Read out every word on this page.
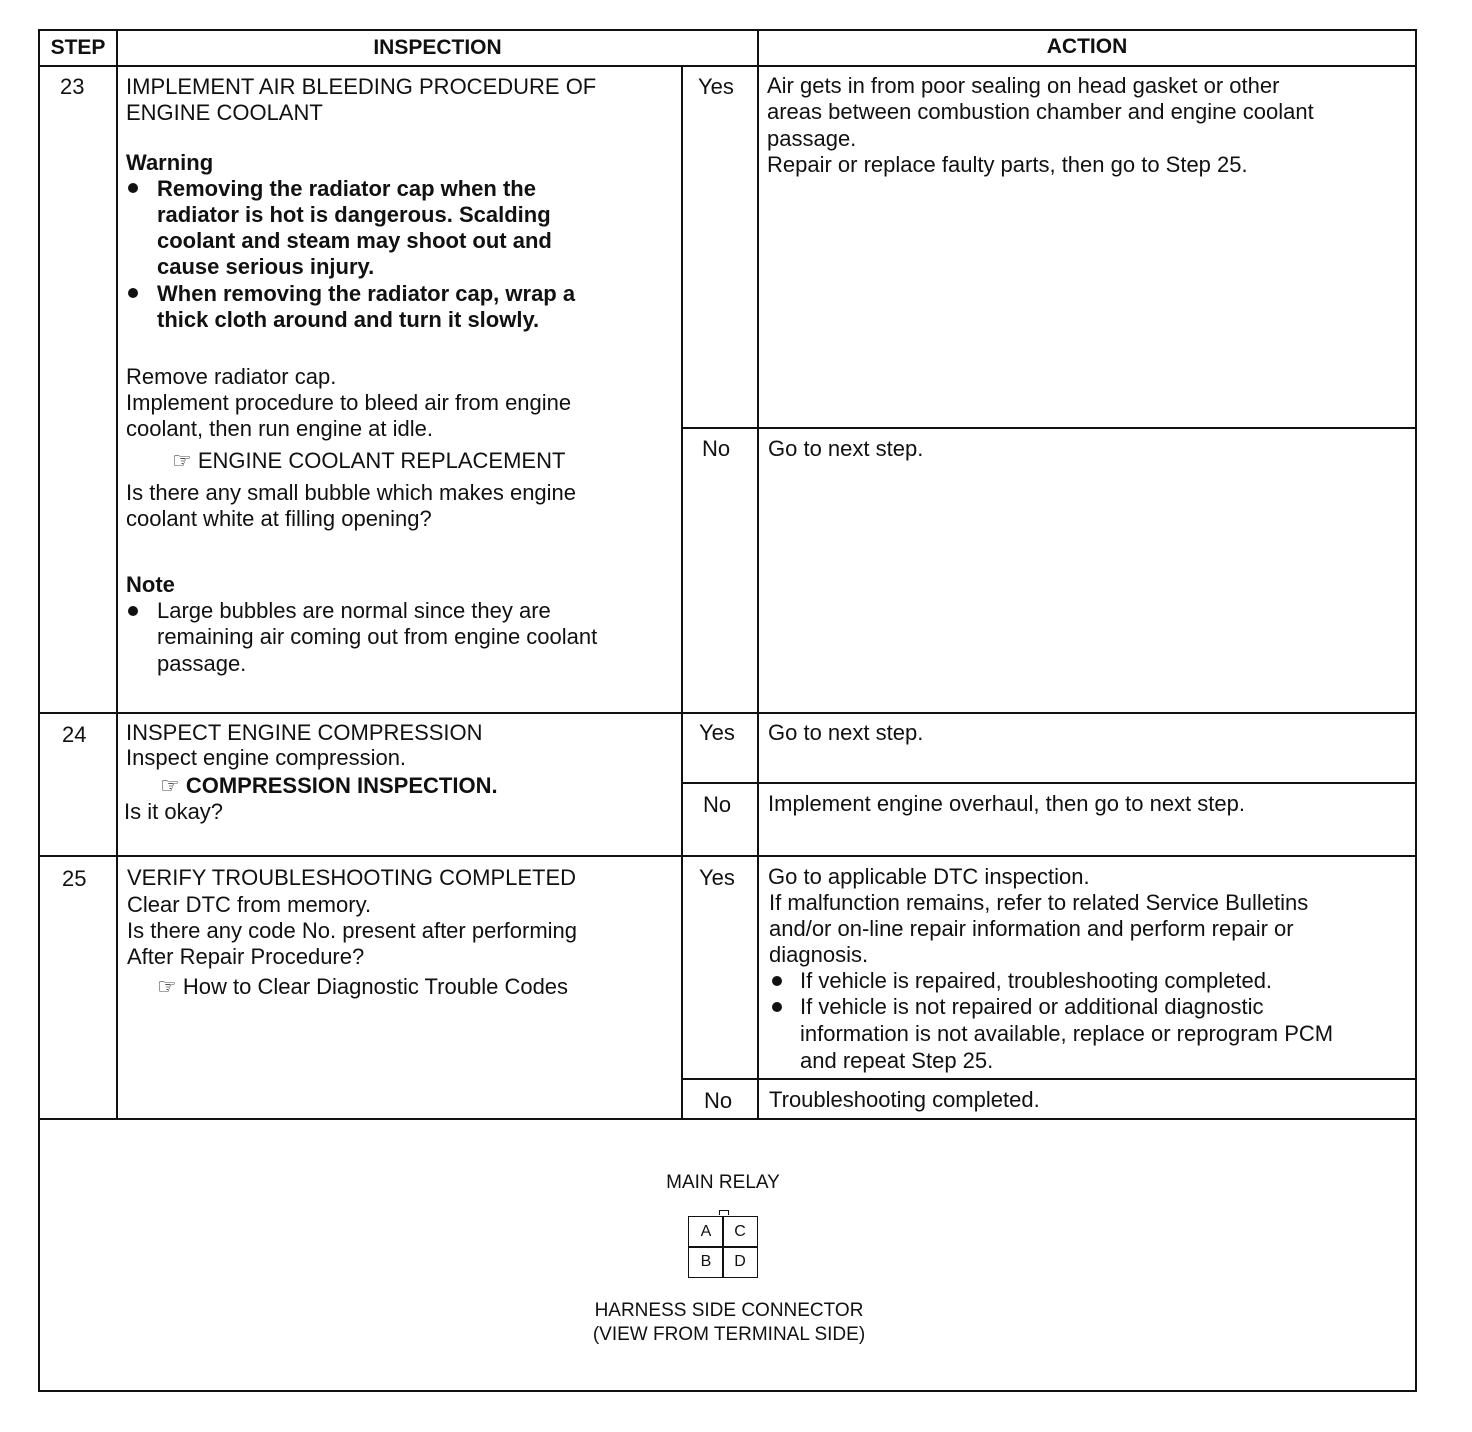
STEP	INSPECTION	ACTION
23 IMPLEMENT AIR BLEEDING PROCEDURE OF
ENGINE COOLANT
Warning
Removing the radiator cap when the
radiator is hot is dangerous. Scalding
coolant and steam may shoot out and
cause serious injury.
When removing the radiator cap, wrap a
thick cloth around and turn it slowly.
Remove radiator cap.
Implement procedure to bleed air from engine
coolant, then run engine at idle.
☞ ENGINE COOLANT REPLACEMENT
Is there any small bubble which makes engine
coolant white at filling opening?
Note
Large bubbles are normal since they are
remaining air coming out from engine coolant
passage.
Yes Air gets in from poor sealing on head gasket or other
areas between combustion chamber and engine coolant
passage.
Repair or replace faulty parts, then go to Step 25.
No Go to next step.
24 INSPECT ENGINE COMPRESSION
Inspect engine compression.
☞ COMPRESSION INSPECTION.
Is it okay?
Yes Go to next step.
No Implement engine overhaul, then go to next step.
25 VERIFY TROUBLESHOOTING COMPLETED
Clear DTC from memory.
Is there any code No. present after performing
After Repair Procedure?
☞ How to Clear Diagnostic Trouble Codes
Yes Go to applicable DTC inspection.
If malfunction remains, refer to related Service Bulletins
and/or on-line repair information and perform repair or
diagnosis.
If vehicle is repaired, troubleshooting completed.
If vehicle is not repaired or additional diagnostic
information is not available, replace or reprogram PCM
and repeat Step 25.
No Troubleshooting completed.
MAIN RELAY
A	C
B	D
HARNESS SIDE CONNECTOR
(VIEW FROM TERMINAL SIDE)
